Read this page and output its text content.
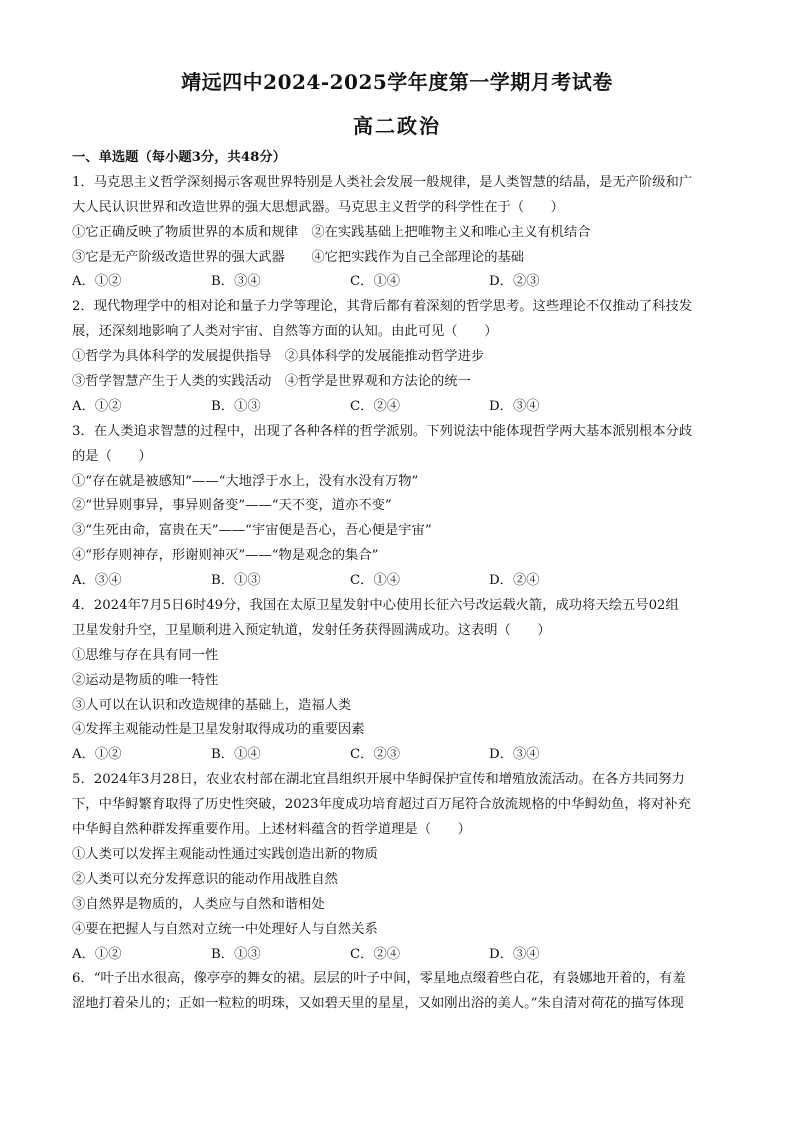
靖远四中2024-2025学年度第一学期月考试卷
高二政治
一、单选题（每小题3分，共48分）
1．马克思主义哲学深刻揭示客观世界特别是人类社会发展一般规律，是人类智慧的结晶，是无产阶级和广
大人民认识世界和改造世界的强大思想武器。马克思主义哲学的科学性在于（　　）
①它正确反映了物质世界的本质和规律　②在实践基础上把唯物主义和唯心主义有机结合
③它是无产阶级改造世界的强大武器　　④它把实践作为自己全部理论的基础
A．①②	B．③④	C．①④	D．②③
2．现代物理学中的相对论和量子力学等理论，其背后都有着深刻的哲学思考。这些理论不仅推动了科技发
展，还深刻地影响了人类对宇宙、自然等方面的认知。由此可见（　　）
①哲学为具体科学的发展提供指导　②具体科学的发展能推动哲学进步
③哲学智慧产生于人类的实践活动　④哲学是世界观和方法论的统一
A．①②	B．①③	C．②④	D．③④
3．在人类追求智慧的过程中，出现了各种各样的哲学派别。下列说法中能体现哲学两大基本派别根本分歧
的是（　　）
①“存在就是被感知”——“大地浮于水上，没有水没有万物”
②“世异则事异，事异则备变”——“天不变，道亦不变”
③“生死由命，富贵在天”——“宇宙便是吾心，吾心便是宇宙”
④“形存则神存，形谢则神灭”——“物是观念的集合”
A．③④	B．①③	C．①④	D．②④
4．2024年7月5日6时49分，我国在太原卫星发射中心使用长征六号改运载火箭，成功将天绘五号02组
卫星发射升空，卫星顺利进入预定轨道，发射任务获得圆满成功。这表明（　　）
①思维与存在具有同一性
②运动是物质的唯一特性
③人可以在认识和改造规律的基础上，造福人类
④发挥主观能动性是卫星发射取得成功的重要因素
A．①②	B．①④	C．②③	D．③④
5．2024年3月28日，农业农村部在湖北宜昌组织开展中华鲟保护宣传和增殖放流活动。在各方共同努力
下，中华鲟繁育取得了历史性突破，2023年度成功培育超过百万尾符合放流规格的中华鲟幼鱼，将对补充
中华鲟自然种群发挥重要作用。上述材料蕴含的哲学道理是（　　）
①人类可以发挥主观能动性通过实践创造出新的物质
②人类可以充分发挥意识的能动作用战胜自然
③自然界是物质的，人类应与自然和谐相处
④要在把握人与自然对立统一中处理好人与自然关系
A．①②	B．①③	C．②④	D．③④
6．“叶子出水很高，像亭亭的舞女的裙。层层的叶子中间，零星地点缀着些白花，有袅娜地开着的，有羞
涩地打着朵儿的；正如一粒粒的明珠，又如碧天里的星星，又如刚出浴的美人。”朱自清对荷花的描写体现
